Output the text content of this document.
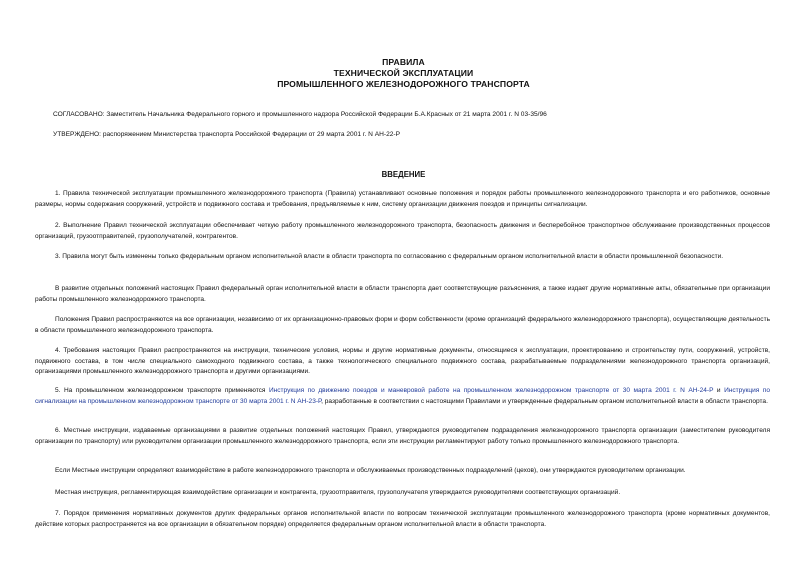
ПРАВИЛА
ТЕХНИЧЕСКОЙ ЭКСПЛУАТАЦИИ
ПРОМЫШЛЕННОГО ЖЕЛЕЗНОДОРОЖНОГО ТРАНСПОРТА
СОГЛАСОВАНО: Заместитель Начальника Федерального горного и промышленного надзора Российской Федерации Б.А.Красных от 21 марта 2001 г. N 03-35/96
УТВЕРЖДЕНО: распоряжением Министерства транспорта Российской Федерации от 29 марта 2001 г. N АН-22-Р
ВВЕДЕНИЕ

1. Правила технической эксплуатации промышленного железнодорожного транспорта (Правила) устанавливают основные положения и порядок работы промышленного железнодорожного транспорта и его работников, основные размеры, нормы содержания сооружений, устройств и подвижного состава и требования, предъявляемые к ним, систему организации движения поездов и принципы сигнализации.

2. Выполнение Правил технической эксплуатации обеспечивает четкую работу промышленного железнодорожного транспорта, безопасность движения и бесперебойное транспортное обслуживание производственных процессов организаций, грузоотправителей, грузополучателей, контрагентов.

3. Правила могут быть изменены только федеральным органом исполнительной власти в области транспорта по согласованию с федеральным органом исполнительной власти в области промышленной безопасности.

В развитие отдельных положений настоящих Правил федеральный орган исполнительной власти в области транспорта дает соответствующие разъяснения, а также издает другие нормативные акты, обязательные при организации работы промышленного железнодорожного транспорта.

Положения Правил распространяются на все организации, независимо от их организационно-правовых форм и форм собственности (кроме организаций федерального железнодорожного транспорта), осуществляющие деятельность в области промышленного железнодорожного транспорта.

4. Требования настоящих Правил распространяются на инструкции, технические условия, нормы и другие нормативные документы, относящиеся к эксплуатации, проектированию и строительству пути, сооружений, устройств, подвижного состава, в том числе специального самоходного подвижного состава, а также технологического специального подвижного состава, разрабатываемые подразделениями железнодорожного транспорта организаций, организациями промышленного железнодорожного транспорта и другими организациями.

5. На промышленном железнодорожном транспорте применяются Инструкция по движению поездов и маневровой работе на промышленном железнодорожном транспорте от 30 марта 2001 г. N АН-24-Р и Инструкция по сигнализации на промышленном железнодорожном транспорте от 30 марта 2001 г. N АН-23-Р, разработанные в соответствии с настоящими Правилами и утвержденные федеральным органом исполнительной власти в области транспорта.

6. Местные инструкции, издаваемые организациями в развитие отдельных положений настоящих Правил, утверждаются руководителем подразделения железнодорожного транспорта организации (заместителем руководителя организации по транспорту) или руководителем организации промышленного железнодорожного транспорта, если эти инструкции регламентируют работу только промышленного железнодорожного транспорта.

Если Местные инструкции определяют взаимодействие в работе железнодорожного транспорта и обслуживаемых производственных подразделений (цехов), они утверждаются руководителем организации.

Местная инструкция, регламентирующая взаимодействие организации и контрагента, грузоотправителя, грузополучателя утверждается руководителями соответствующих организаций.

7. Порядок применения нормативных документов других федеральных органов исполнительной власти по вопросам технической эксплуатации промышленного железнодорожного транспорта (кроме нормативных документов, действие которых распространяется на все организации в обязательном порядке) определяется федеральным органом исполнительной власти в области транспорта.
